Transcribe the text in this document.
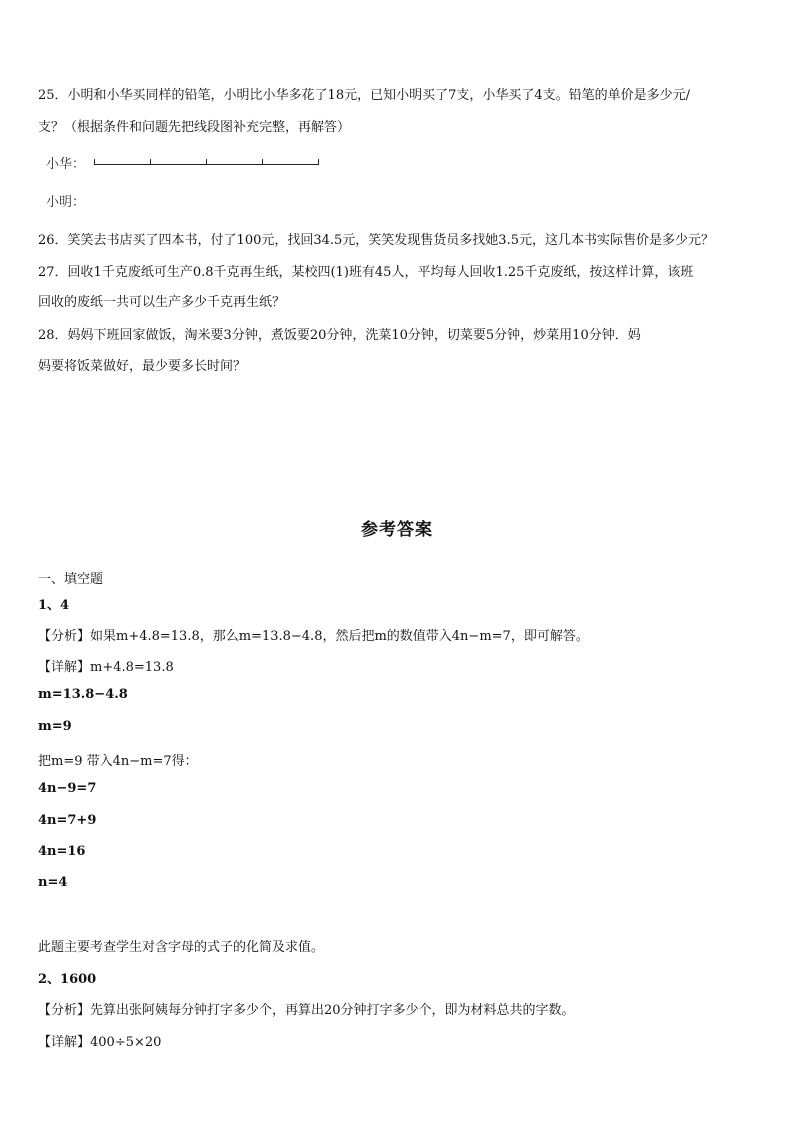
25．小明和小华买同样的铅笔，小明比小华多花了18元，已知小明买了7支，小华买了4支。铅笔的单价是多少元/
支？（根据条件和问题先把线段图补充完整，再解答）
小华：
小明：
26．笑笑去书店买了四本书，付了100元，找回34.5元，笑笑发现售货员多找她3.5元，这几本书实际售价是多少元？
27．回收1千克废纸可生产0.8千克再生纸，某校四(1)班有45人，平均每人回收1.25千克废纸，按这样计算，该班
回收的废纸一共可以生产多少千克再生纸？
28．妈妈下班回家做饭，淘米要3分钟，煮饭要20分钟，洗菜10分钟，切菜要5分钟，炒菜用10分钟．妈
妈要将饭菜做好，最少要多长时间？
参考答案
一、填空题
1、4
【分析】如果m+4.8=13.8，那么m=13.8−4.8，然后把m的数值带入4n−m=7，即可解答。
【详解】m+4.8=13.8
m=13.8−4.8
m=9
把m=9 带入4n−m=7得：
4n−9=7
4n=7+9
4n=16
n=4
此题主要考查学生对含字母的式子的化简及求值。
2、1600
【分析】先算出张阿姨每分钟打字多少个，再算出20分钟打字多少个，即为材料总共的字数。
【详解】400÷5×20
